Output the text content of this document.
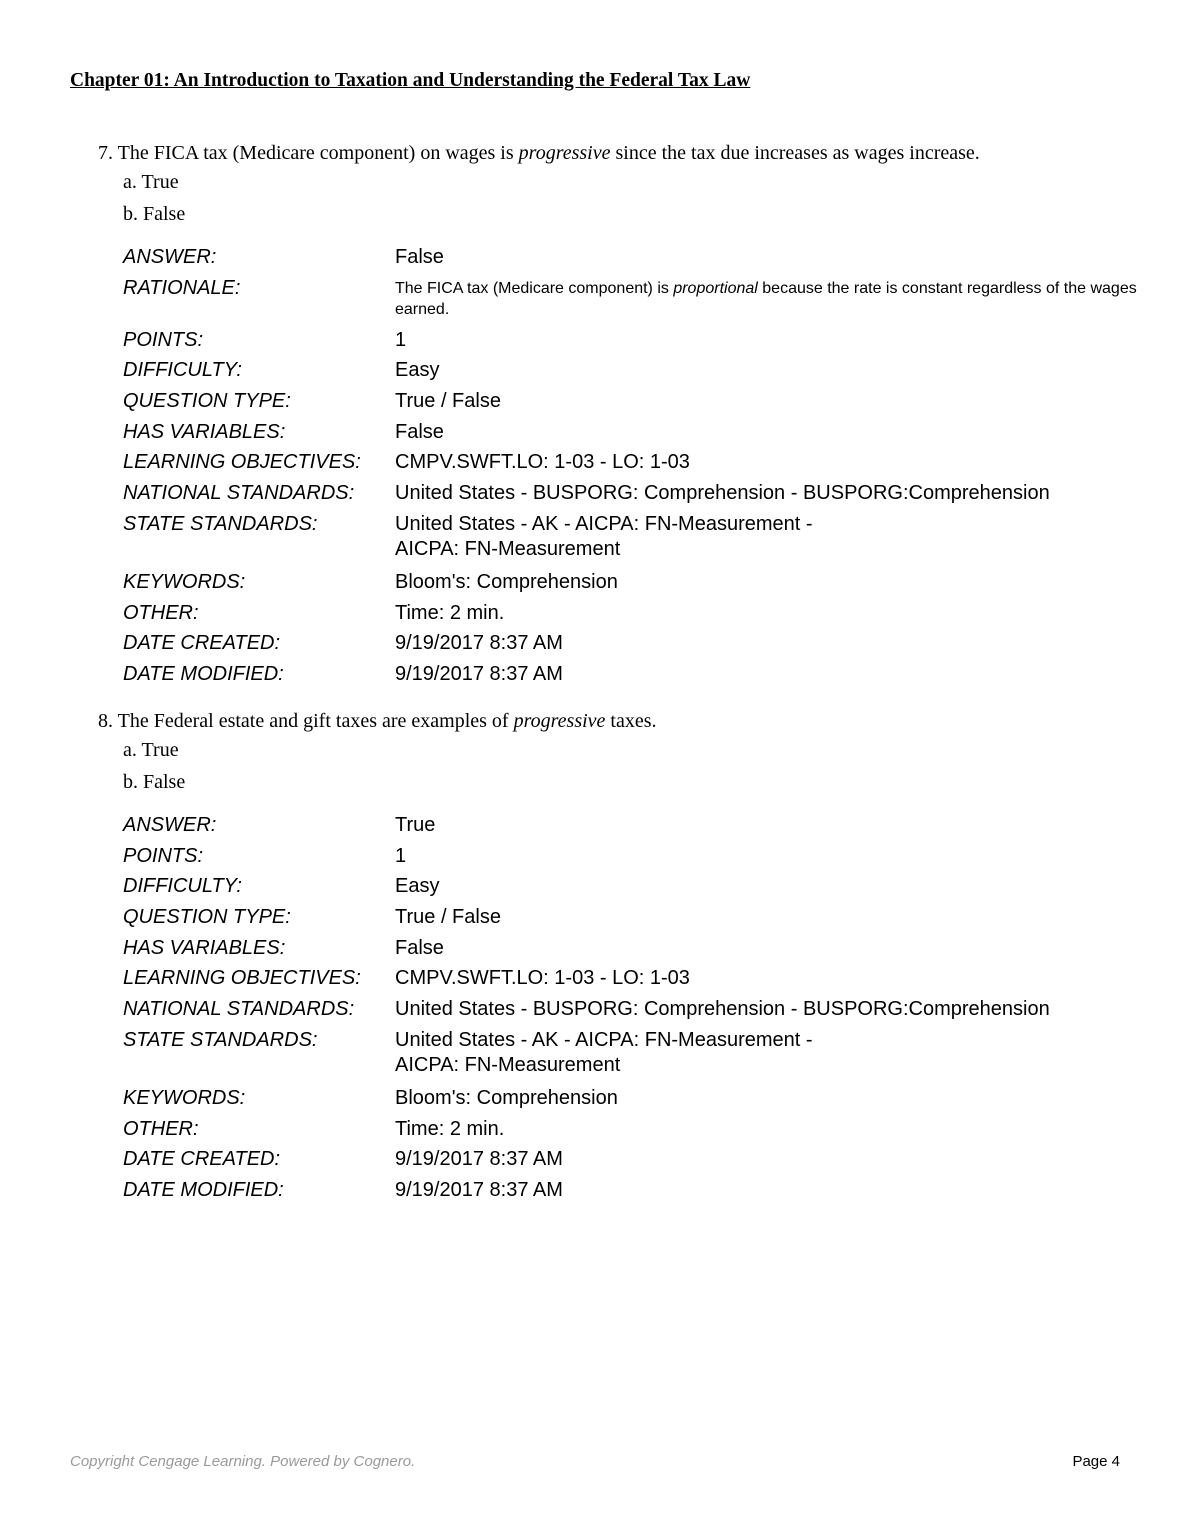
Chapter 01: An Introduction to Taxation and Understanding the Federal Tax Law
7. The FICA tax (Medicare component) on wages is progressive since the tax due increases as wages increase.
a. True
b. False
ANSWER:	False
RATIONALE:	The FICA tax (Medicare component) is proportional because the rate is constant regardless of the wages earned.
POINTS:	1
DIFFICULTY:	Easy
QUESTION TYPE:	True / False
HAS VARIABLES:	False
LEARNING OBJECTIVES:	CMPV.SWFT.LO: 1-03 - LO: 1-03
NATIONAL STANDARDS:	United States - BUSPORG: Comprehension - BUSPORG:Comprehension
STATE STANDARDS:	United States - AK - AICPA: FN-Measurement -
AICPA: FN-Measurement
KEYWORDS:	Bloom's: Comprehension
OTHER:	Time: 2 min.
DATE CREATED:	9/19/2017 8:37 AM
DATE MODIFIED:	9/19/2017 8:37 AM
8. The Federal estate and gift taxes are examples of progressive taxes.
a. True
b. False
ANSWER:	True
POINTS:	1
DIFFICULTY:	Easy
QUESTION TYPE:	True / False
HAS VARIABLES:	False
LEARNING OBJECTIVES:	CMPV.SWFT.LO: 1-03 - LO: 1-03
NATIONAL STANDARDS:	United States - BUSPORG: Comprehension - BUSPORG:Comprehension
STATE STANDARDS:	United States - AK - AICPA: FN-Measurement -
AICPA: FN-Measurement
KEYWORDS:	Bloom's: Comprehension
OTHER:	Time: 2 min.
DATE CREATED:	9/19/2017 8:37 AM
DATE MODIFIED:	9/19/2017 8:37 AM
Copyright Cengage Learning. Powered by Cognero.	Page 4
